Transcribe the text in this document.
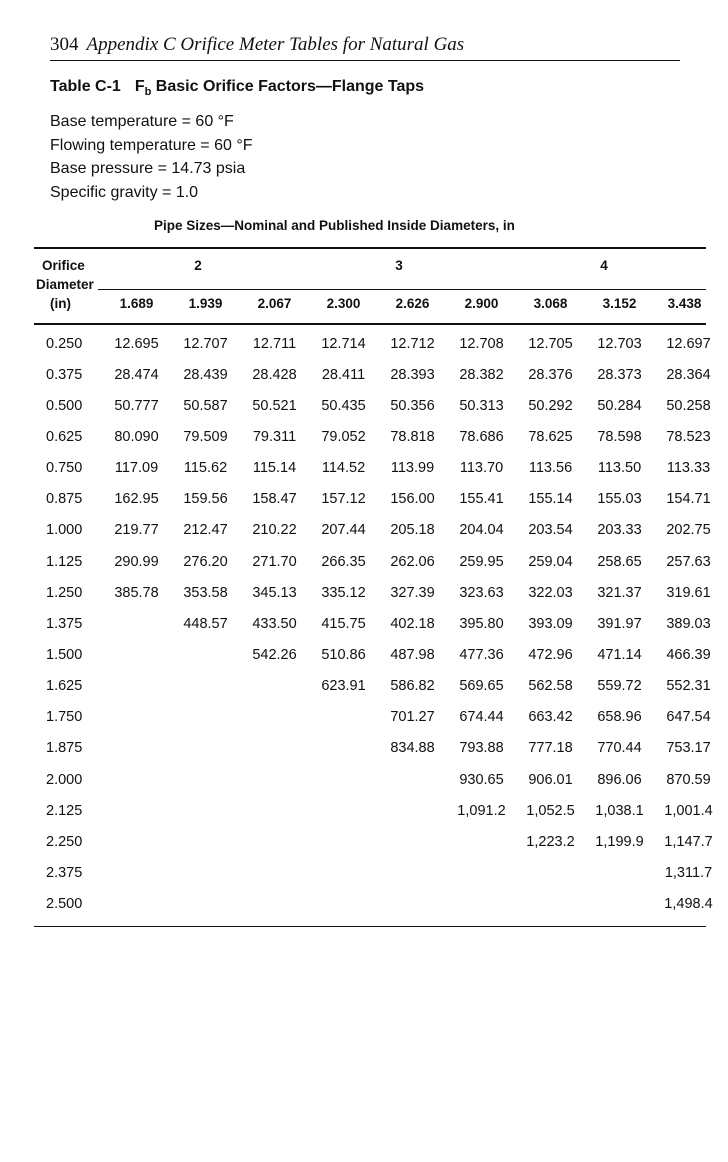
304 Appendix C Orifice Meter Tables for Natural Gas
Table C-1 $F_b$ Basic Orifice Factors—Flange Taps
Base temperature = 60 °F
Flowing temperature = 60 °F
Base pressure = 14.73 psia
Specific gravity = 1.0
Pipe Sizes—Nominal and Published Inside Diameters, in
Orifice
Diameter
(in)
2	3	4
1.689	1.939	2.067	2.300	2.626	2.900	3.068	3.152	3.438
0.250	12.695	12.707	12.711	12.714	12.712	12.708	12.705	12.703	12.697
0.375	28.474	28.439	28.428	28.411	28.393	28.382	28.376	28.373	28.364
0.500	50.777	50.587	50.521	50.435	50.356	50.313	50.292	50.284	50.258
0.625	80.090	79.509	79.311	79.052	78.818	78.686	78.625	78.598	78.523
0.750	117.09	115.62	115.14	114.52	113.99	113.70	113.56	113.50	113.33
0.875	162.95	159.56	158.47	157.12	156.00	155.41	155.14	155.03	154.71
1.000	219.77	212.47	210.22	207.44	205.18	204.04	203.54	203.33	202.75
1.125	290.99	276.20	271.70	266.35	262.06	259.95	259.04	258.65	257.63
1.250	385.78	353.58	345.13	335.12	327.39	323.63	322.03	321.37	319.61
1.375		448.57	433.50	415.75	402.18	395.80	393.09	391.97	389.03
1.500			542.26	510.86	487.98	477.36	472.96	471.14	466.39
1.625				623.91	586.82	569.65	562.58	559.72	552.31
1.750					701.27	674.44	663.42	658.96	647.54
1.875					834.88	793.88	777.18	770.44	753.17
2.000						930.65	906.01	896.06	870.59
2.125						1,091.2	1,052.5	1,038.1	1,001.4
2.250							1,223.2	1,199.9	1,147.7
2.375									1,311.7
2.500									1,498.4
